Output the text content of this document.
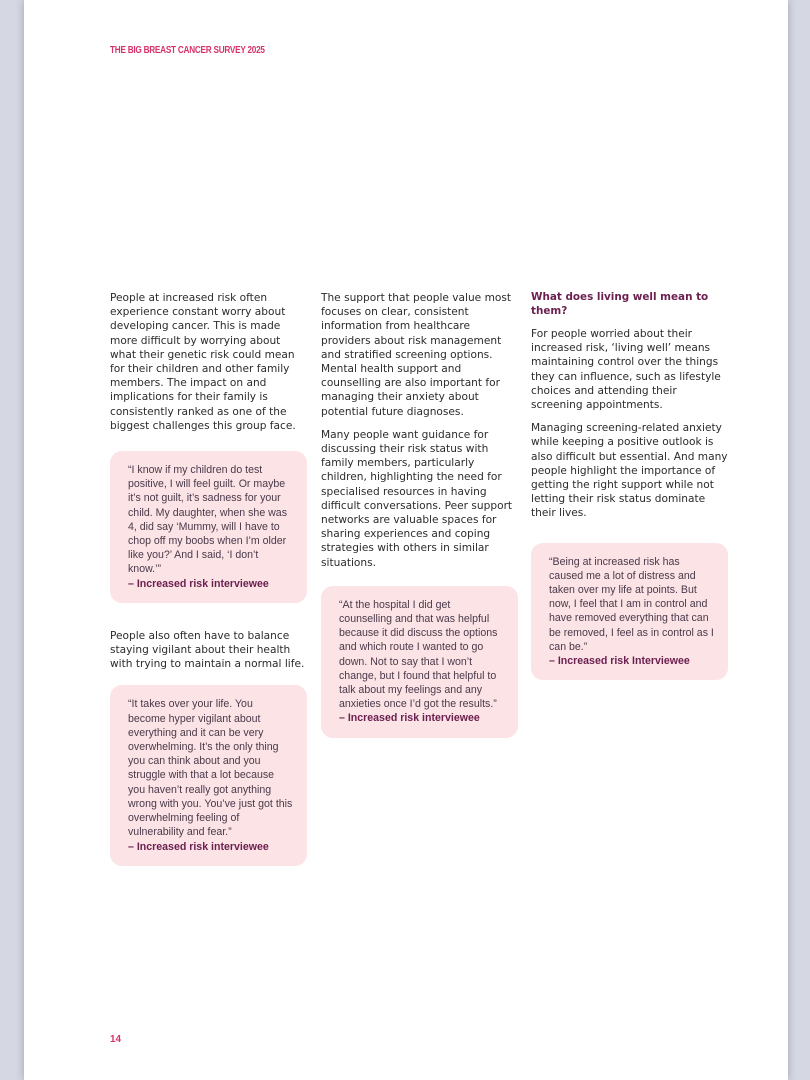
THE BIG BREAST CANCER SURVEY 2025

People at increased risk often experience constant worry about developing cancer. This is made more difficult by worrying about what their genetic risk could mean for their children and other family members. The impact on and implications for their family is consistently ranked as one of the biggest challenges this group face.

“I know if my children do test positive, I will feel guilt. Or maybe it’s not guilt, it’s sadness for your child. My daughter, when she was 4, did say ‘Mummy, will I have to chop off my boobs when I’m older like you?’ And I said, ‘I don’t know.’”

– Increased risk interviewee

People also often have to balance staying vigilant about their health with trying to maintain a normal life.

“It takes over your life. You become hyper vigilant about everything and it can be very overwhelming. It’s the only thing you can think about and you struggle with that a lot because you haven’t really got anything wrong with you. You’ve just got this overwhelming feeling of vulnerability and fear.”

– Increased risk interviewee

The support that people value most focuses on clear, consistent information from healthcare providers about risk management and stratified screening options. Mental health support and counselling are also important for managing their anxiety about potential future diagnoses.

Many people want guidance for discussing their risk status with family members, particularly children, highlighting the need for specialised resources in having difficult conversations. Peer support networks are valuable spaces for sharing experiences and coping strategies with others in similar situations.

“At the hospital I did get counselling and that was helpful because it did discuss the options and which route I wanted to go down. Not to say that I won’t change, but I found that helpful to talk about my feelings and any anxieties once I’d got the results.”

– Increased risk interviewee
What does living well mean to them?

For people worried about their increased risk, ‘living well’ means maintaining control over the things they can influence, such as lifestyle choices and attending their screening appointments.

Managing screening-related anxiety while keeping a positive outlook is also difficult but essential. And many people highlight the importance of getting the right support while not letting their risk status dominate their lives.

“Being at increased risk has caused me a lot of distress and taken over my life at points. But now, I feel that I am in control and have removed everything that can be removed, I feel as in control as I can be.”

– Increased risk Interviewee
14
